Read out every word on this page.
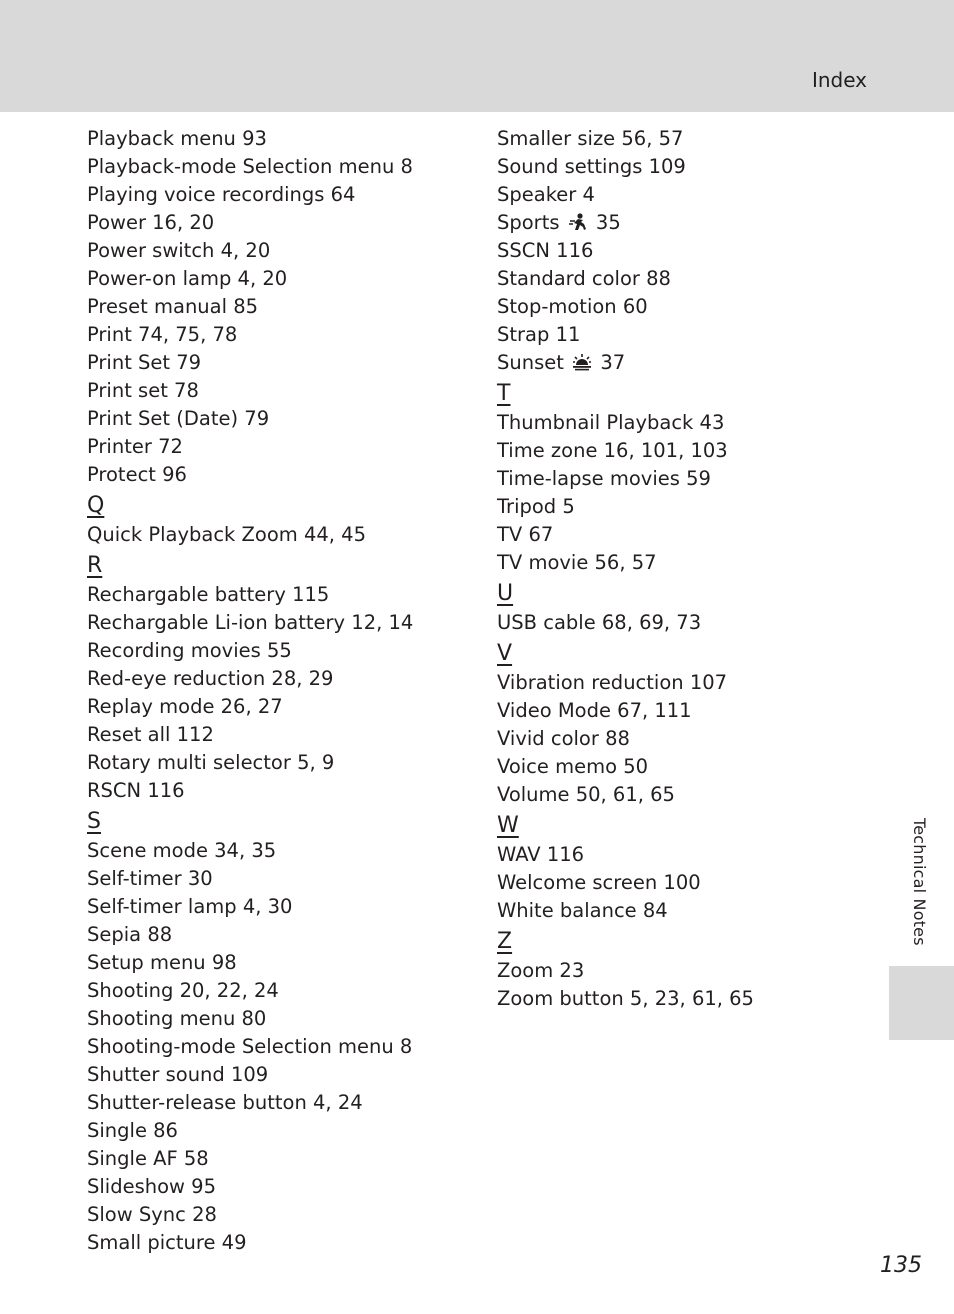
Index
Playback menu 93
Playback-mode Selection menu 8
Playing voice recordings 64
Power 16, 20
Power switch 4, 20
Power-on lamp 4, 20
Preset manual 85
Print 74, 75, 78
Print Set 79
Print set 78
Print Set (Date) 79
Printer 72
Protect 96
Q
Quick Playback Zoom 44, 45
R
Rechargable battery 115
Rechargable Li-ion battery 12, 14
Recording movies 55
Red-eye reduction 28, 29
Replay mode 26, 27
Reset all 112
Rotary multi selector 5, 9
RSCN 116
S
Scene mode 34, 35
Self-timer 30
Self-timer lamp 4, 30
Sepia 88
Setup menu 98
Shooting 20, 22, 24
Shooting menu 80
Shooting-mode Selection menu 8
Shutter sound 109
Shutter-release button 4, 24
Single 86
Single AF 58
Slideshow 95
Slow Sync 28
Small picture 49
Smaller size 56, 57
Sound settings 109
Speaker 4
Sports 35
SSCN 116
Standard color 88
Stop-motion 60
Strap 11
Sunset 37
T
Thumbnail Playback 43
Time zone 16, 101, 103
Time-lapse movies 59
Tripod 5
TV 67
TV movie 56, 57
U
USB cable 68, 69, 73
V
Vibration reduction 107
Video Mode 67, 111
Vivid color 88
Voice memo 50
Volume 50, 61, 65
W
WAV 116
Welcome screen 100
White balance 84
Z
Zoom 23
Zoom button 5, 23, 61, 65
Technical Notes
135
